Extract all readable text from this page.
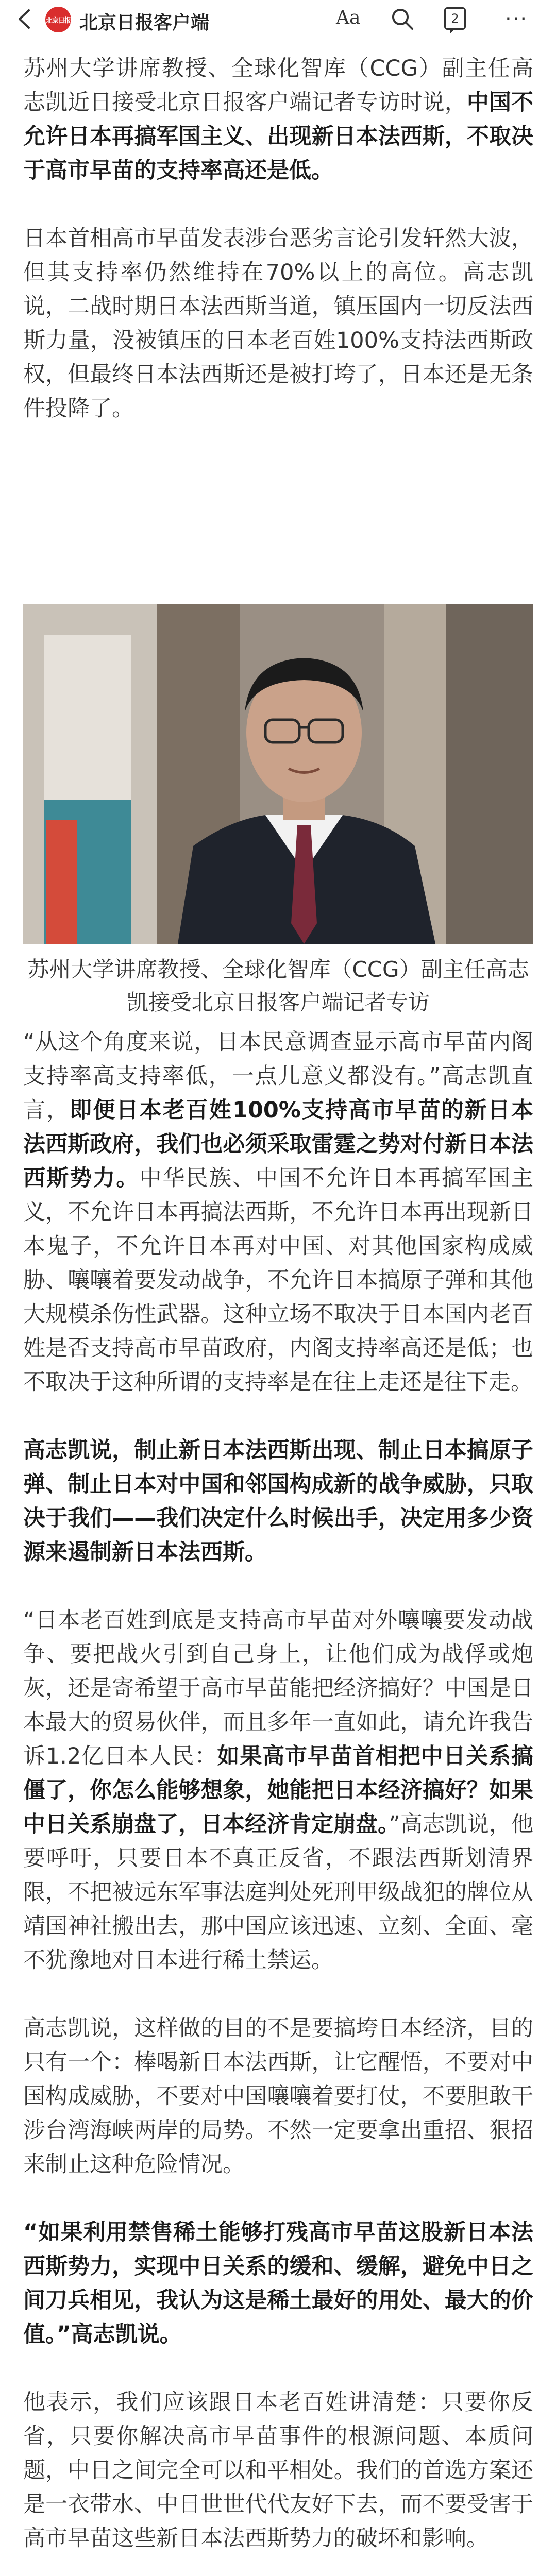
北京日报 北京日报客户端	Aa	2	···

苏州大学讲席教授、全球化智库（CCG）副主任高志凯近日接受北京日报客户端记者专访时说，中国不允许日本再搞军国主义、出现新日本法西斯，不取决于高市早苗的支持率高还是低。

日本首相高市早苗发表涉台恶劣言论引发轩然大波，但其支持率仍然维持在70%以上的高位。高志凯说，二战时期日本法西斯当道，镇压国内一切反法西斯力量，没被镇压的日本老百姓100%支持法西斯政权，但最终日本法西斯还是被打垮了，日本还是无条件投降了。

苏州大学讲席教授、全球化智库（CCG）副主任高志凯接受北京日报客户端记者专访

“从这个角度来说，日本民意调查显示高市早苗内阁支持率高支持率低，一点儿意义都没有。”高志凯直言，即便日本老百姓100%支持高市早苗的新日本法西斯政府，我们也必须采取雷霆之势对付新日本法西斯势力。中华民族、中国不允许日本再搞军国主义，不允许日本再搞法西斯，不允许日本再出现新日本鬼子，不允许日本再对中国、对其他国家构成威胁、嚷嚷着要发动战争，不允许日本搞原子弹和其他大规模杀伤性武器。这种立场不取决于日本国内老百姓是否支持高市早苗政府，内阁支持率高还是低；也不取决于这种所谓的支持率是在往上走还是往下走。

高志凯说，制止新日本法西斯出现、制止日本搞原子弹、制止日本对中国和邻国构成新的战争威胁，只取决于我们——我们决定什么时候出手，决定用多少资源来遏制新日本法西斯。

“日本老百姓到底是支持高市早苗对外嚷嚷要发动战争、要把战火引到自己身上，让他们成为战俘或炮灰，还是寄希望于高市早苗能把经济搞好？中国是日本最大的贸易伙伴，而且多年一直如此，请允许我告诉1.2亿日本人民：如果高市早苗首相把中日关系搞僵了，你怎么能够想象，她能把日本经济搞好？如果中日关系崩盘了，日本经济肯定崩盘。”高志凯说，他要呼吁，只要日本不真正反省，不跟法西斯划清界限，不把被远东军事法庭判处死刑甲级战犯的牌位从靖国神社搬出去，那中国应该迅速、立刻、全面、毫不犹豫地对日本进行稀土禁运。

高志凯说，这样做的目的不是要搞垮日本经济，目的只有一个：棒喝新日本法西斯，让它醒悟，不要对中国构成威胁，不要对中国嚷嚷着要打仗，不要胆敢干涉台湾海峡两岸的局势。不然一定要拿出重招、狠招来制止这种危险情况。

“如果利用禁售稀土能够打残高市早苗这股新日本法西斯势力，实现中日关系的缓和、缓解，避免中日之间刀兵相见，我认为这是稀土最好的用处、最大的价值。”高志凯说。

他表示，我们应该跟日本老百姓讲清楚：只要你反省，只要你解决高市早苗事件的根源问题、本质问题，中日之间完全可以和平相处。我们的首选方案还是一衣带水、中日世世代代友好下去，而不要受害于高市早苗这些新日本法西斯势力的破坏和影响。
